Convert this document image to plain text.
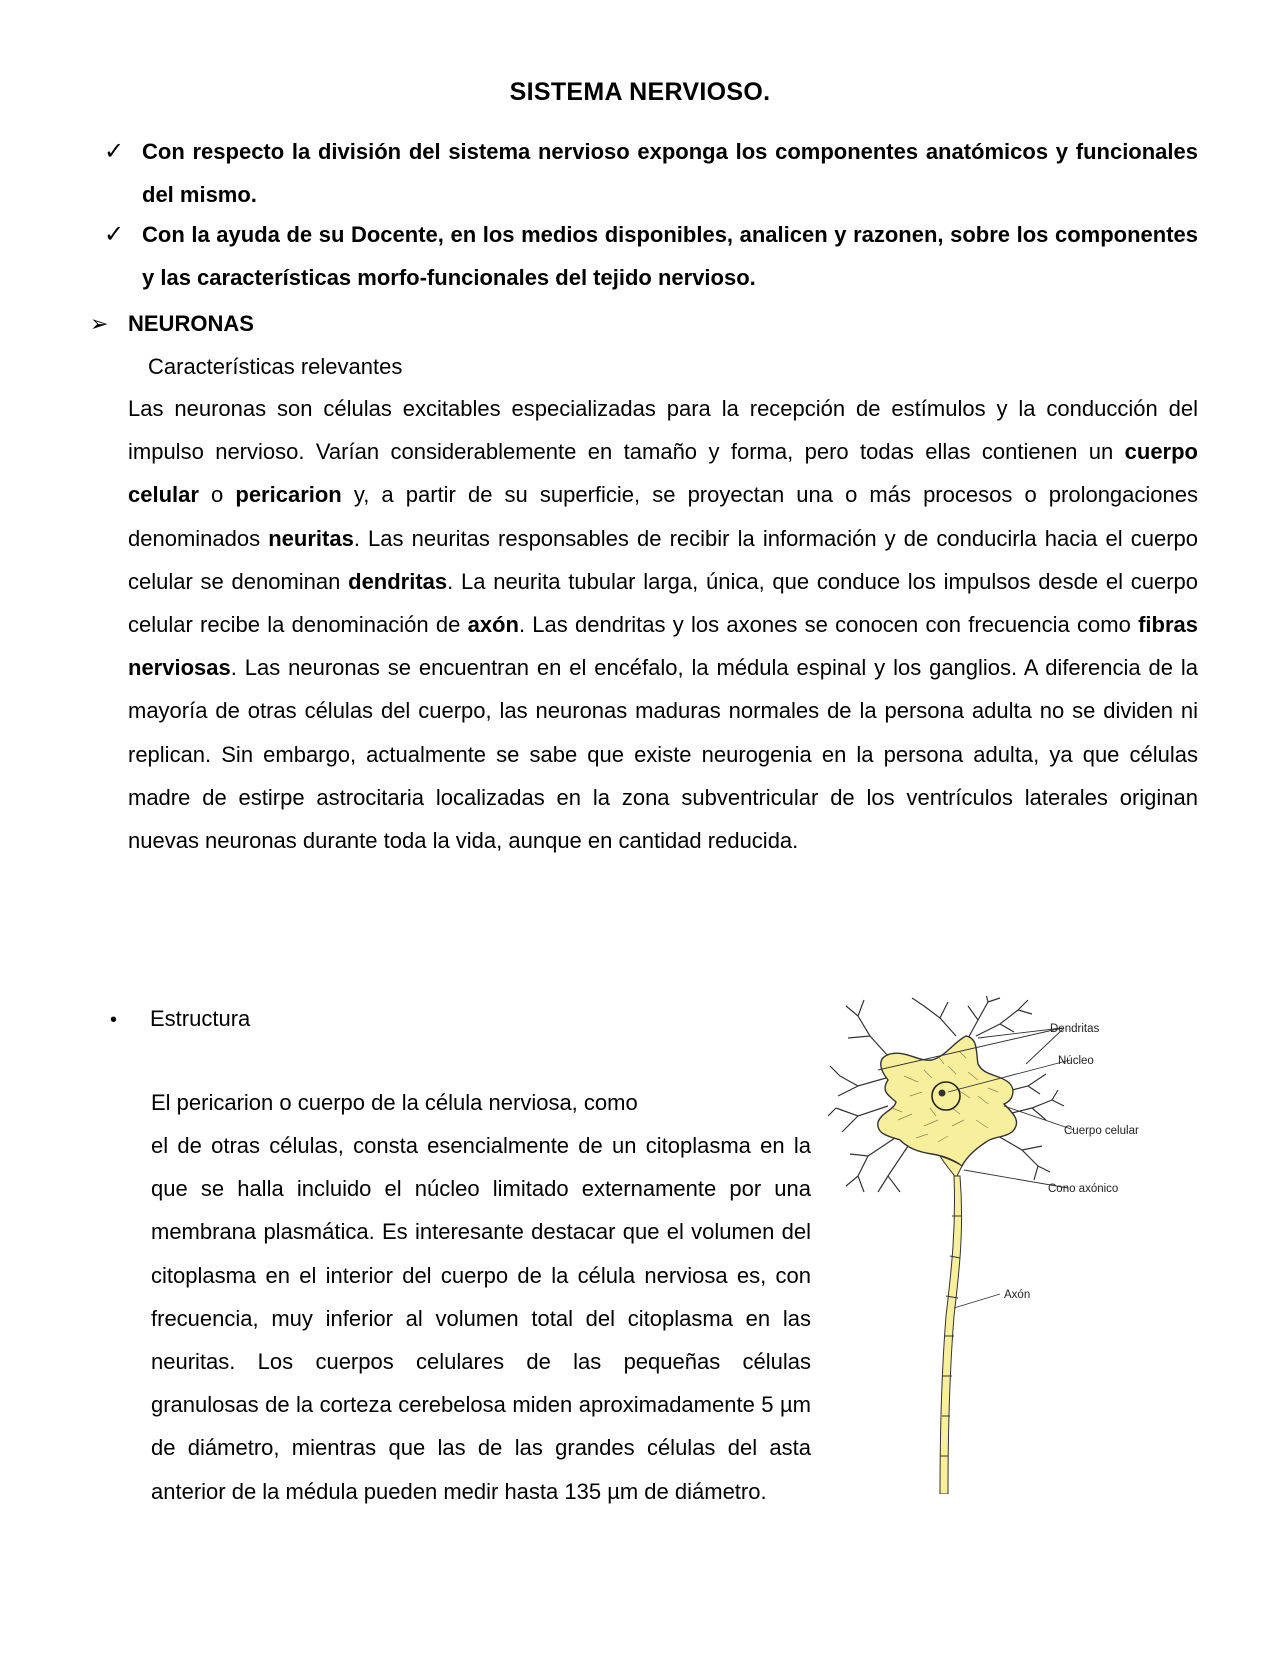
SISTEMA NERVIOSO.
✓ Con respecto la división del sistema nervioso exponga los componentes anatómicos y funcionales del mismo.
✓ Con la ayuda de su Docente, en los medios disponibles, analicen y razonen, sobre los componentes y las características morfo-funcionales del tejido nervioso.
➢ NEURONAS
Características relevantes

Las neuronas son células excitables especializadas para la recepción de estímulos y la conducción del impulso nervioso. Varían considerablemente en tamaño y forma, pero todas ellas contienen un cuerpo celular o pericarion y, a partir de su superficie, se proyectan una o más procesos o prolongaciones denominados neuritas. Las neuritas responsables de recibir la información y de conducirla hacia el cuerpo celular se denominan dendritas. La neurita tubular larga, única, que conduce los impulsos desde el cuerpo celular recibe la denominación de axón. Las dendritas y los axones se conocen con frecuencia como fibras nerviosas. Las neuronas se encuentran en el encéfalo, la médula espinal y los ganglios. A diferencia de la mayoría de otras células del cuerpo, las neuronas maduras normales de la persona adulta no se dividen ni replican. Sin embargo, actualmente se sabe que existe neurogenia en la persona adulta, ya que células madre de estirpe astrocitaria localizadas en la zona subventricular de los ventrículos laterales originan nuevas neuronas durante toda la vida, aunque en cantidad reducida.

• Estructura
El pericarion o cuerpo de la célula nerviosa, como

el de otras células, consta esencialmente de un citoplasma en la que se halla incluido el núcleo limitado externamente por una membrana plasmática. Es interesante destacar que el volumen del citoplasma en el interior del cuerpo de la célula nerviosa es, con frecuencia, muy inferior al volumen total del citoplasma en las neuritas. Los cuerpos celulares de las pequeñas células granulosas de la corteza cerebelosa miden aproximadamente 5 µm de diámetro, mientras que las de las grandes células del asta anterior de la médula pueden medir hasta 135 µm de diámetro.

Dendritas
Núcleo
Cuerpo celular
Cono axónico
Axón
